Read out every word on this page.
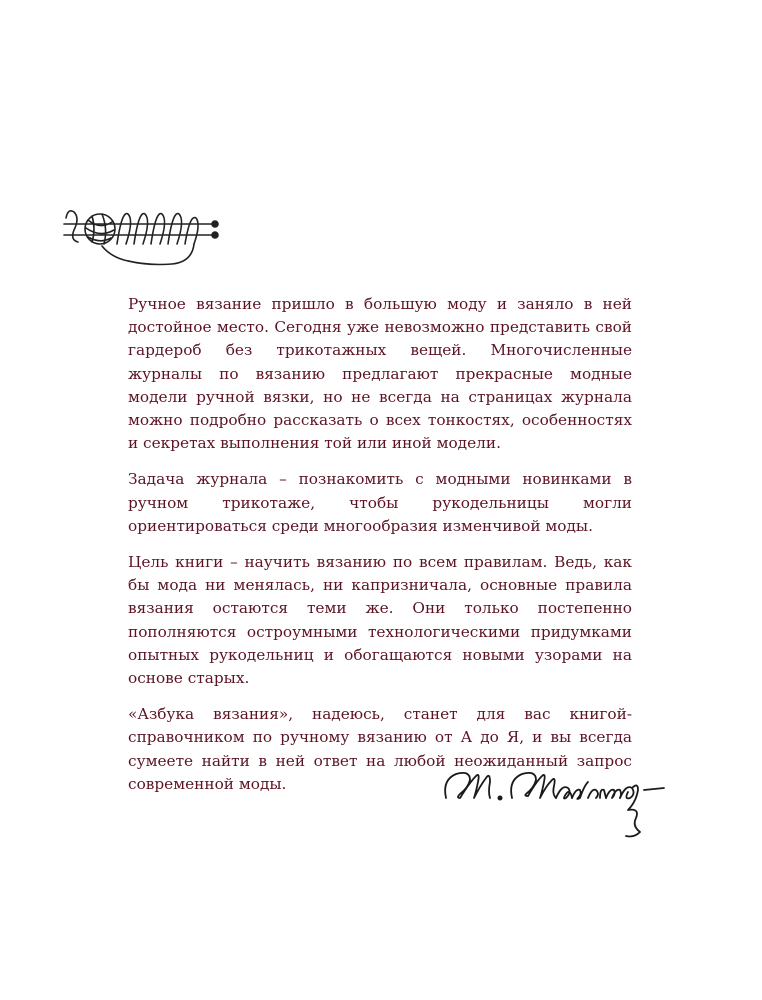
Ручное вязание пришло в большую моду и заняло в ней достойное место. Сегодня уже невозможно представить свой гардероб без трикотажных вещей. Многочисленные журналы по вязанию предлагают прекрасные модные модели ручной вязки, но не всегда на страницах журнала можно подробно рассказать о всех тонкостях, особенностях и секретах выполнения той или иной модели.

Задача журнала – познакомить с модными новинками в ручном трикотаже, чтобы рукодельницы могли ориентироваться среди многообразия изменчивой моды.

Цель книги – научить вязанию по всем правилам. Ведь, как бы мода ни менялась, ни капризничала, основные правила вязания остаются теми же. Они только постепенно пополняются остроумными технологическими придумками опытных рукодельниц и обогащаются новыми узорами на основе старых.

«Азбука вязания», надеюсь, станет для вас книгой-справочником по ручному вязанию от А до Я, и вы всегда сумеете найти в ней ответ на любой неожиданный запрос современной моды.
